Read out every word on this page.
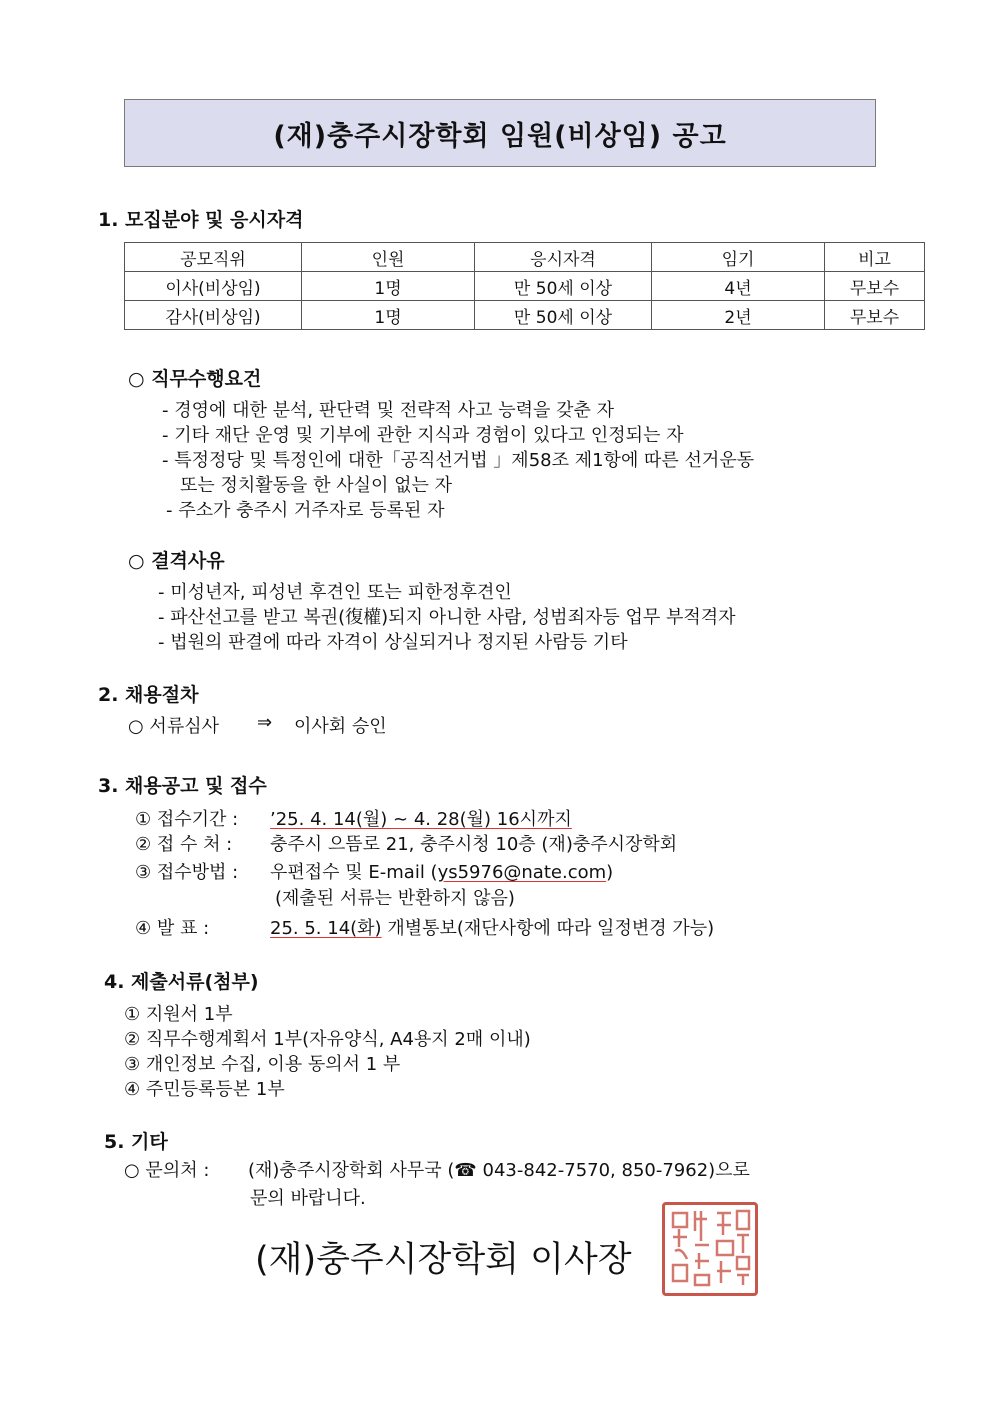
(재)충주시장학회 임원(비상임) 공고
1. 모집분야 및 응시자격
공모직위	인원	응시자격	임기	비고
이사(비상임)	1명	만 50세 이상	4년	무보수
감사(비상임)	1명	만 50세 이상	2년	무보수
○ 직무수행요건
- 경영에 대한 분석, 판단력 및 전략적 사고 능력을 갖춘 자
- 기타 재단 운영 및 기부에 관한 지식과 경험이 있다고 인정되는 자
- 특정정당 및 특정인에 대한「공직선거법 」제58조 제1항에 따른 선거운동
또는 정치활동을 한 사실이 없는 자
- 주소가 충주시 거주자로 등록된 자
○ 결격사유
- 미성년자, 피성년 후견인 또는 피한정후견인
- 파산선고를 받고 복권(復權)되지 아니한 사람, 성범죄자등 업무 부적격자
- 법원의 판결에 따라 자격이 상실되거나 정지된 사람등 기타
2. 채용절차
○ 서류심사 ⇒ 이사회 승인
3. 채용공고 및 접수
① 접수기간 : ’25. 4. 14(월) ~ 4. 28(월) 16시까지
② 접 수 처 : 충주시 으뜸로 21, 충주시청 10층 (재)충주시장학회
③ 접수방법 : 우편접수 및 E-mail (ys5976@nate.com)
(제출된 서류는 반환하지 않음)
④ 발 표 :	25. 5. 14(화) 개별통보(재단사항에 따라 일정변경 가능)
4. 제출서류(첨부)
① 지원서 1부
② 직무수행계획서 1부(자유양식, A4용지 2매 이내)
③ 개인정보 수집, 이용 동의서 1 부
④ 주민등록등본 1부
5. 기타
○ 문의처 : (재)충주시장학회 사무국 (☎ 043-842-7570, 850-7962)으로
문의 바랍니다.
(재)충주시장학회 이사장
